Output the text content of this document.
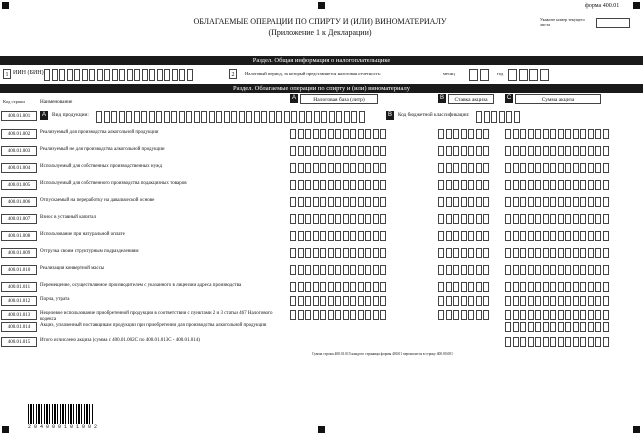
форма 400.01
ОБЛАГАЕМЫЕ ОПЕРАЦИИ ПО СПИРТУ И (ИЛИ) ВИНОМАТЕРИАЛУ
(Приложение 1 к Декларации)
Укажите номер текущего листа
Раздел. Общая информация о налогоплательщике
1 ИИН (БИН)	2	Налоговый период, за который представляется налоговая отчетность:	месяц	год
Раздел. Облагаемые операции по спирту и (или) виноматериалу
Код строки	Наименование
A	Налоговая база (литр)	B	Ставка акциза	C	Сумма акциза
400.01.001	A	Вид продукции:	B	Код бюджетной классификации:
400.01.002	Реализуемый для производства алкогольной продукции
400.01.003	Реализуемый не для производства алкогольной продукции
400.01.004	Используемый для собственных производственных нужд
400.01.005	Используемый для собственного производства подакцизных товаров
400.01.006	Отпускаемый на переработку на давальческой основе
400.01.007	Взнос в уставный капитал
400.01.008	Использование при натуральной оплате
400.01.009	Отгрузка своим структурным подразделениям
400.01.010	Реализация конвертной массы
400.01.011	Перемещение, осуществляемое производителем с указанного в лицензии адреса производства
400.01.012	Порча, утрата
400.01.013	Нецелевое использование приобретенной продукции в соответствии с пунктами 2 и 3 статьи 467 Налогового кодекса
400.01.014	Акциз, уплаченный поставщикам продукции при приобретении для производства алкогольной продукции
400.01.015	Итого исчислено акциза (сумма с 400.01.002С по 400.01.013С - 400.01.014)
Сумма строки 400.01.015 каждого страницы формы 400.01 переносится в строку 400.00.001
2 0 4 0 0 0 1 0 1 0 0 2
